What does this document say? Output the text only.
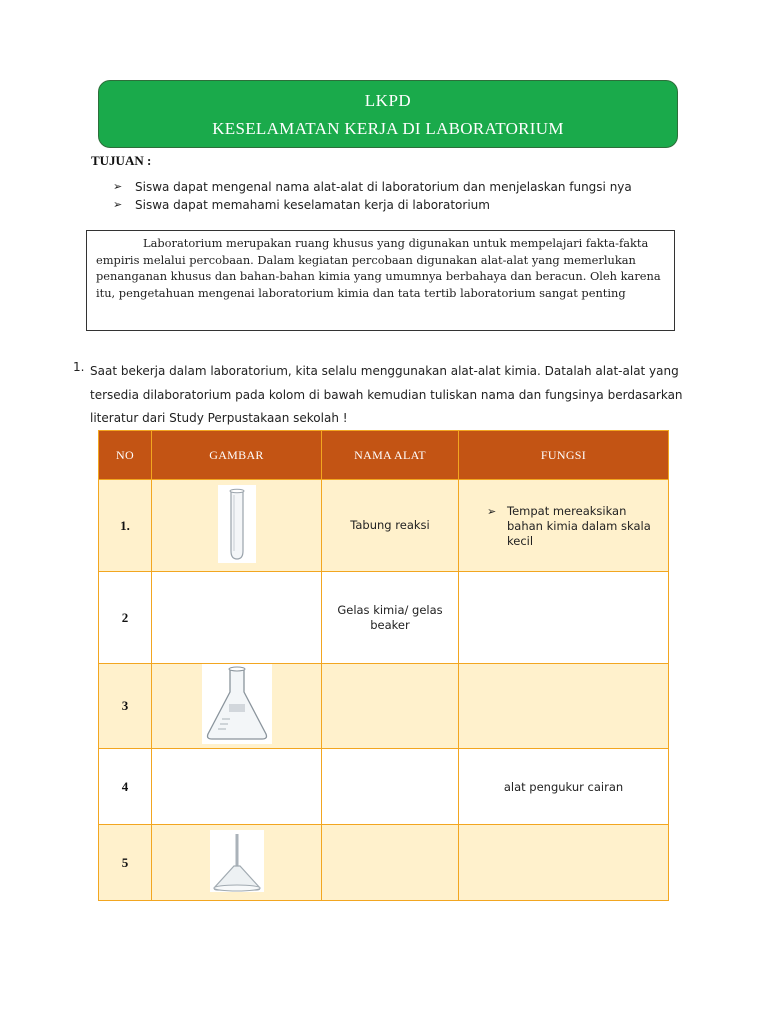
LKPD
KESELAMATAN KERJA DI LABORATORIUM
TUJUAN :
➢	Siswa dapat mengenal nama alat-alat di laboratorium dan menjelaskan fungsi nya
➢	Siswa dapat memahami keselamatan kerja di laboratorium

Laboratorium merupakan ruang khusus yang digunakan untuk mempelajari fakta-fakta empiris melalui percobaan. Dalam kegiatan percobaan digunakan alat-alat yang memerlukan penanganan khusus dan bahan-bahan kimia yang umumnya berbahaya dan beracun. Oleh karena itu, pengetahuan mengenai laboratorium kimia dan tata tertib laboratorium sangat penting

1. Saat bekerja dalam laboratorium, kita selalu menggunakan alat-alat kimia. Datalah alat-alat yang tersedia dilaboratorium pada kolom di bawah kemudian tuliskan nama dan fungsinya berdasarkan literatur dari Study Perpustakaan sekolah !
NO	GAMBAR	NAMA ALAT	FUNGSI
1.		Tabung reaksi	➢ Tempat mereaksikan bahan kimia dalam skala kecil

2		Gelas kimia/ gelas
beaker	

3			
4			alat pengukur cairan
5			
